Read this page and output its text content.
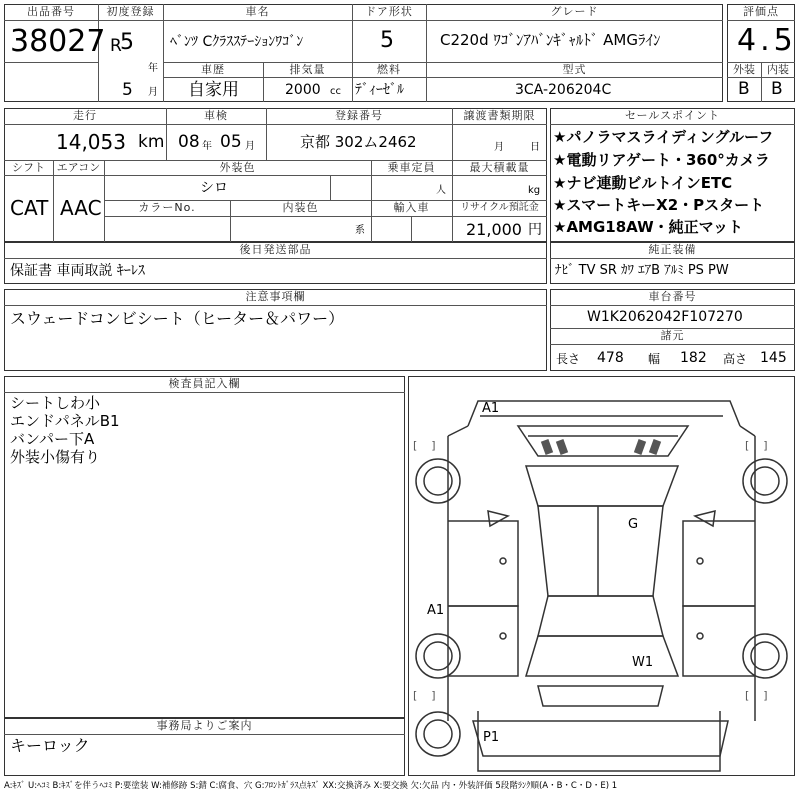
出品番号
38027
初度登録
R
5
年
5 月
車名
ﾍﾞﾝﾂ Cｸﾗｽｽﾃｰｼｮﾝﾜｺﾞﾝ
ドア形状
5
グレード
C220d ﾜｺﾞﾝｱﾊﾞﾝｷﾞｬﾙﾄﾞ AMGﾗｲﾝ
評価点
4.5
車歴
自家用
排気量
2000 cc
燃料
ﾃﾞｨｰｾﾞﾙ
型式
3CA-206204C
外装	内装
B B
走行
14,053 km
車検
08 年 05 月
登録番号
京都 302ム2462
譲渡書類期限
月	日
シフト
CAT
エアコン
AAC
外装色
シロ
乗車定員
人
最大積載量
kg
カラーNo.	内装色
系
輸入車	リサイクル預託金
21,000 円
セールスポイント
★パノラマスライディングルーフ
★電動リアゲート・360°カメラ
★ナビ連動ビルトインETC
★スマートキーX2・Pスタート
★AMG18AW・純正マット
後日発送部品
保証書 車両取説 ｷｰﾚｽ
純正装備
ﾅﾋﾞ TV SR ｶﾜ ｴｱB ｱﾙﾐ PS PW
注意事項欄
スウェードコンビシート（ヒーター＆パワー）
車台番号
W1K2062042F107270
諸元
長さ 478 幅 182 高さ 145
検査員記入欄
シートしわ小
エンドパネルB1
バンパー下A
外装小傷有り
事務局よりご案内
キーロック
A1
A1
G
W1
P1
[    ]	[    ]
[    ]	[    ]
A:ｷｽﾞ U:ﾍｺﾐ B:ｷｽﾞを伴うﾍｺﾐ P:要塗装 W:補修跡 S:錆 C:腐食、穴 G:ﾌﾛﾝﾄｶﾞﾗｽ点ｷｽﾞ XX:交換済み X:要交換 欠:欠品 内・外装評価 5段階ﾗﾝｸ順(A・B・C・D・E) 1
